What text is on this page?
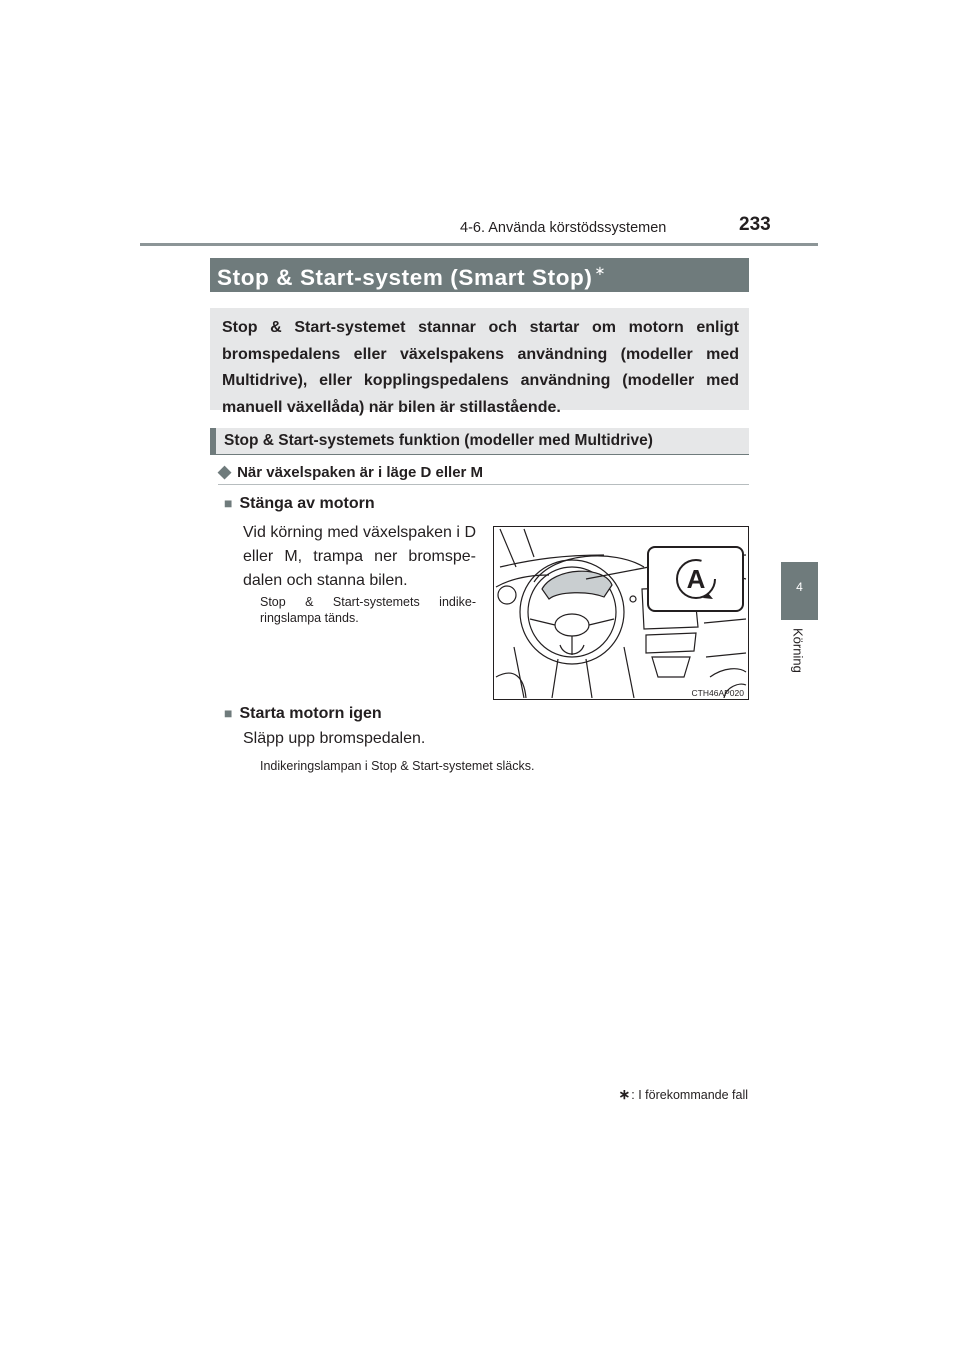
4-6. Använda körstödssystemen	233
4
Körning
Stop & Start-system (Smart Stop) ∗
Stop & Start-systemet stannar och startar om motorn enligt bromspedalens eller växelspakens användning (modeller med Multidrive), eller kopplingspedalens användning (modeller med manuell växellåda) när bilen är stillastående.
Stop & Start-systemets funktion (modeller med Multidrive)
◆ När växelspaken är i läge D eller M
■ Stänga av motorn
Vid körning med växelspaken i D eller M, trampa ner bromspe-dalen och stanna bilen.
Stop & Start-systemets indike-ringslampa tänds.
A
CTH46AP020
■ Starta motorn igen
Släpp upp bromspedalen.
Indikeringslampan i Stop & Start-systemet släcks.
∗: I förekommande fall
